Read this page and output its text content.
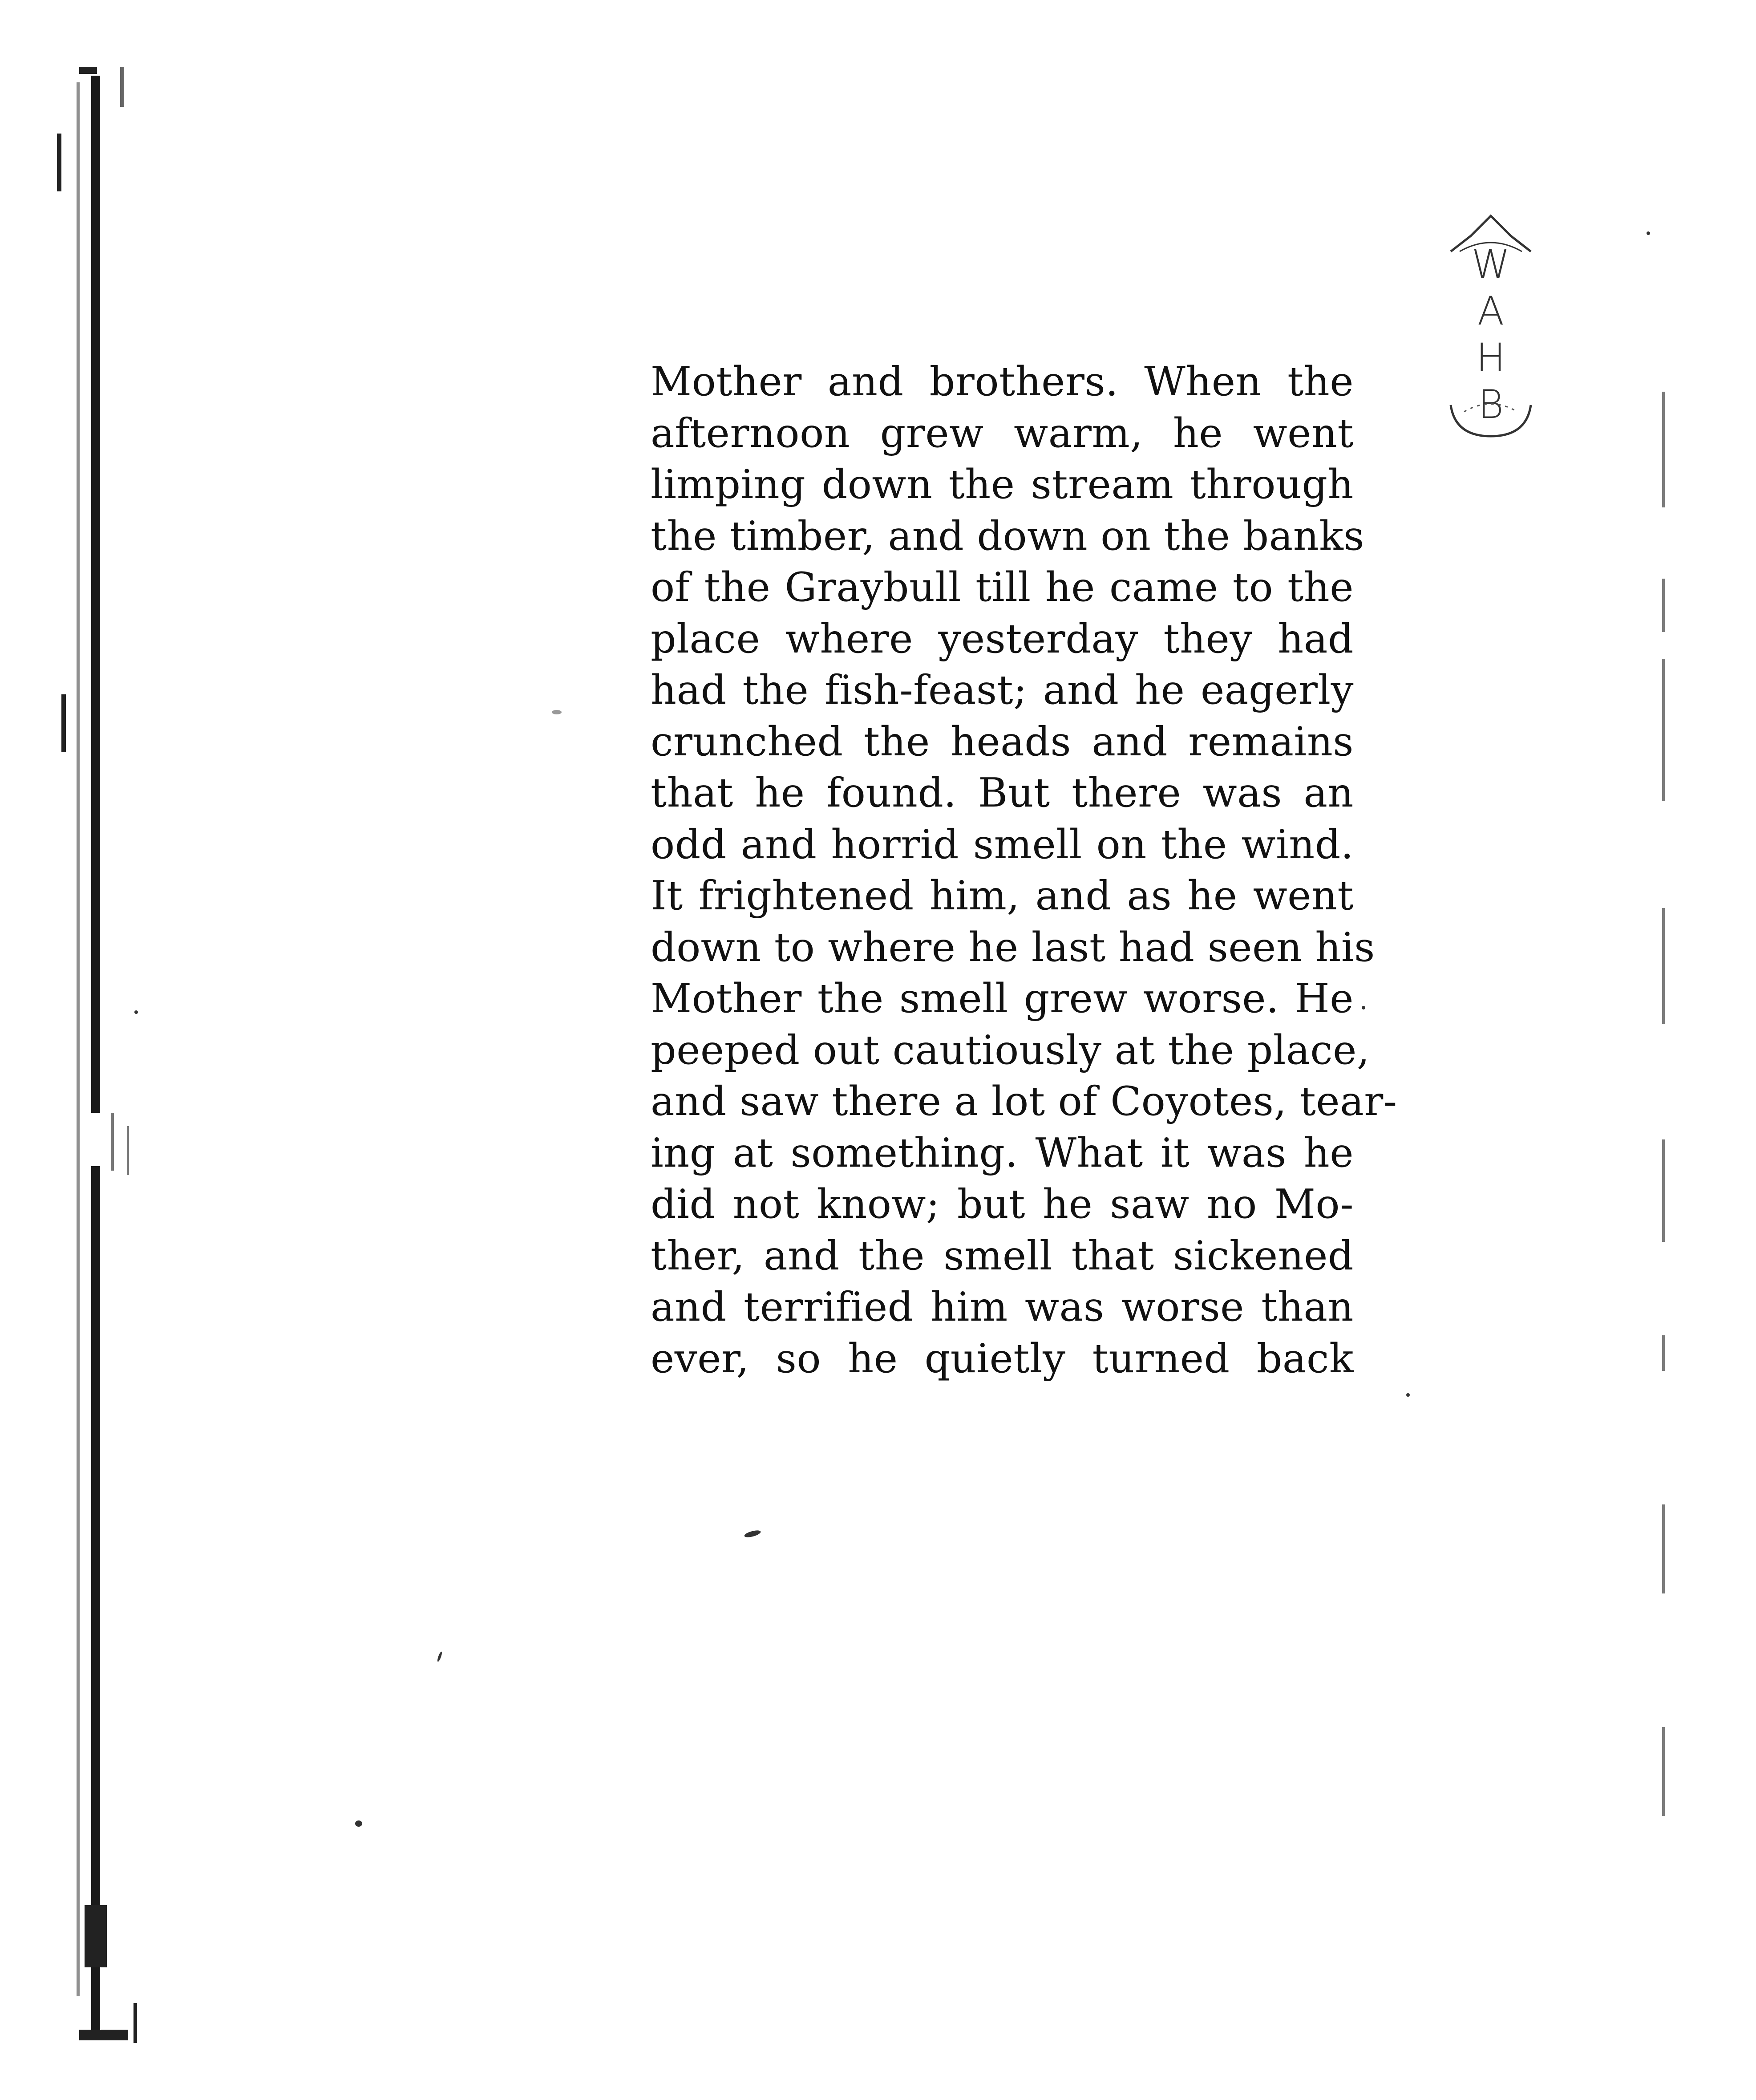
W
A
H
B
Mother and brothers. When the
afternoon grew warm, he went
limping down the stream through
the timber, and down on the banks
of the Graybull till he came to the
place where yesterday they had
had the fish-feast; and he eagerly
crunched the heads and remains
that he found. But there was an
odd and horrid smell on the wind.
It frightened him, and as he went
down to where he last had seen his
Mother the smell grew worse. He
peeped out cautiously at the place,
and saw there a lot of Coyotes, tear-
ing at something. What it was he
did not know; but he saw no Mo-
ther, and the smell that sickened
and terrified him was worse than
ever, so he quietly turned back
